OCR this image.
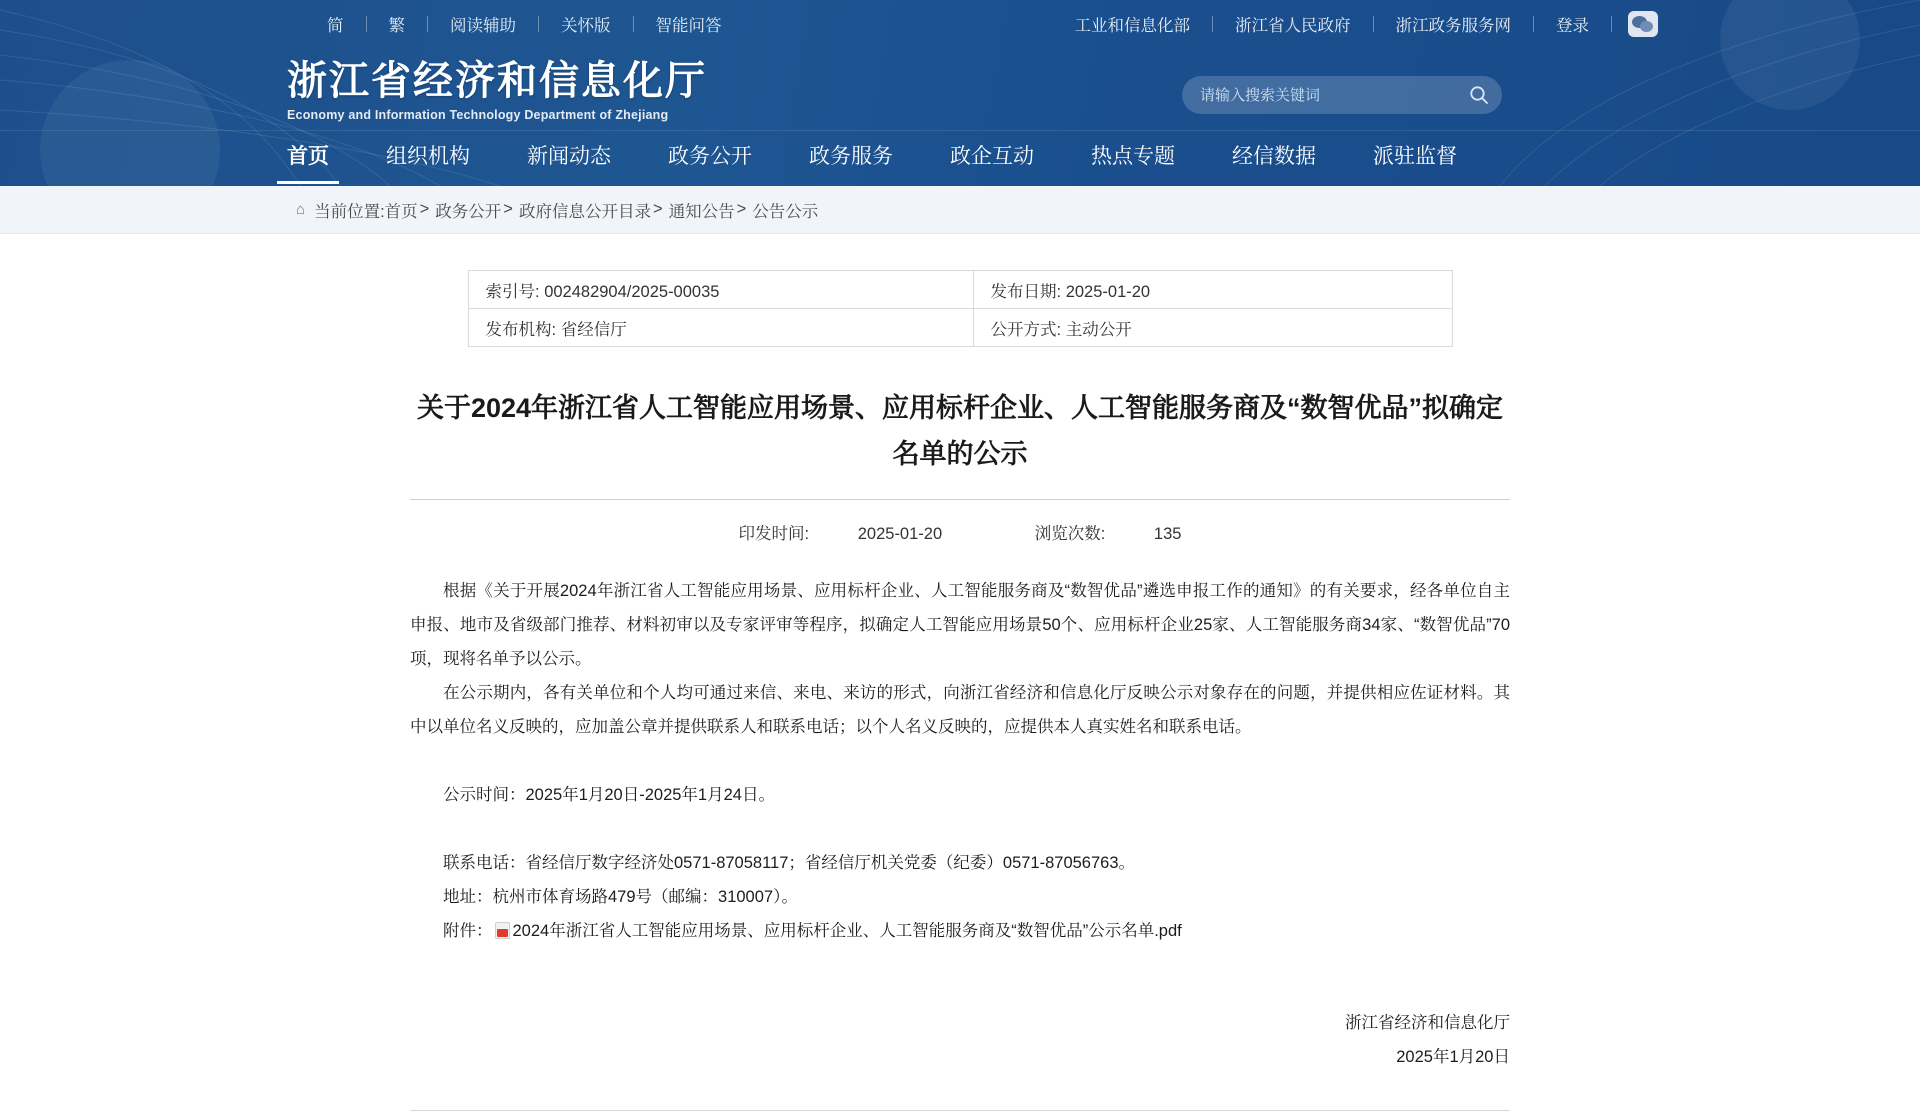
简	繁	阅读辅助	关怀版	智能问答	工业和信息化部	浙江省人民政府	浙江政务服务网	登录
浙江省经济和信息化厅
Economy and Information Technology Department of Zhejiang
请输入搜索关键词
首页	组织机构	新闻动态	政务公开	政务服务	政企互动	热点专题	经信数据	派驻监督
⌂ 当前位置: 首页 > 政务公开 > 政府信息公开目录 > 通知公告 > 公告公示
索引号: 002482904/2025-00035	发布日期: 2025-01-20
发布机构: 省经信厅	公开方式: 主动公开
关于2024年浙江省人工智能应用场景、应用标杆企业、人工智能服务商及“数智优品”拟确定名单的公示
印发时间:	2025-01-20	浏览次数:	135

根据《关于开展2024年浙江省人工智能应用场景、应用标杆企业、人工智能服务商及“数智优品”遴选申报工作的通知》的有关要求，经各单位自主申报、地市及省级部门推荐、材料初审以及专家评审等程序，拟确定人工智能应用场景50个、应用标杆企业25家、人工智能服务商34家、“数智优品”70项，现将名单予以公示。

在公示期内，各有关单位和个人均可通过来信、来电、来访的形式，向浙江省经济和信息化厅反映公示对象存在的问题，并提供相应佐证材料。其中以单位名义反映的，应加盖公章并提供联系人和联系电话；以个人名义反映的，应提供本人真实姓名和联系电话。

公示时间：2025年1月20日-2025年1月24日。

联系电话：省经信厅数字经济处0571-87058117；省经信厅机关党委（纪委）0571-87056763。

地址：杭州市体育场路479号（邮编：310007）。

附件： 2024年浙江省人工智能应用场景、应用标杆企业、人工智能服务商及“数智优品”公示名单.pdf

浙江省经济和信息化厅
2025年1月20日
